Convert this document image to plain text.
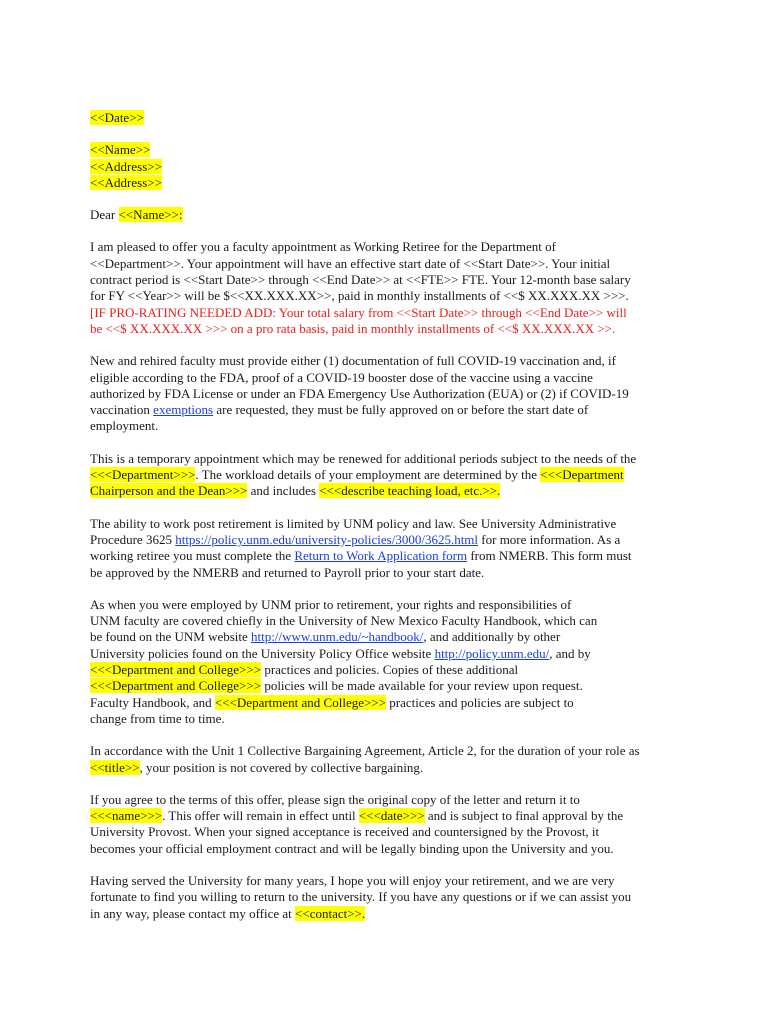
<<Date>>
<<Name>>
<<Address>>
<<Address>>
Dear <<Name>>:
I am pleased to offer you a faculty appointment as Working Retiree for the Department of
<<Department>>. Your appointment will have an effective start date of <<Start Date>>. Your initial
contract period is <<Start Date>> through <<End Date>> at <<FTE>> FTE. Your 12-month base salary
for FY <<Year>> will be $<<XX.XXX.XX>>, paid in monthly installments of <<$ XX.XXX.XX >>>.
[IF PRO-RATING NEEDED ADD: Your total salary from <<Start Date>> through <<End Date>> will
be <<$ XX.XXX.XX >>> on a pro rata basis, paid in monthly installments of <<$ XX.XXX.XX >>.
New and rehired faculty must provide either (1) documentation of full COVID-19 vaccination and, if
eligible according to the FDA, proof of a COVID-19 booster dose of the vaccine using a vaccine
authorized by FDA License or under an FDA Emergency Use Authorization (EUA) or (2) if COVID-19
vaccination exemptions are requested, they must be fully approved on or before the start date of
employment.
This is a temporary appointment which may be renewed for additional periods subject to the needs of the
<<<Department>>>. The workload details of your employment are determined by the <<<Department
Chairperson and the Dean>>> and includes <<<describe teaching load, etc.>>.
The ability to work post retirement is limited by UNM policy and law. See University Administrative
Procedure 3625 https://policy.unm.edu/university-policies/3000/3625.html for more information. As a
working retiree you must complete the Return to Work Application form from NMERB. This form must
be approved by the NMERB and returned to Payroll prior to your start date.
As when you were employed by UNM prior to retirement, your rights and responsibilities of
UNM faculty are covered chiefly in the University of New Mexico Faculty Handbook, which can
be found on the UNM website http://www.unm.edu/~handbook/, and additionally by other
University policies found on the University Policy Office website http://policy.unm.edu/, and by
<<<Department and College>>> practices and policies. Copies of these additional
<<<Department and College>>> policies will be made available for your review upon request.
Faculty Handbook, and <<<Department and College>>> practices and policies are subject to
change from time to time.
In accordance with the Unit 1 Collective Bargaining Agreement, Article 2, for the duration of your role as
<<title>>, your position is not covered by collective bargaining.
If you agree to the terms of this offer, please sign the original copy of the letter and return it to
<<<name>>>. This offer will remain in effect until <<<date>>> and is subject to final approval by the
University Provost. When your signed acceptance is received and countersigned by the Provost, it
becomes your official employment contract and will be legally binding upon the University and you.
Having served the University for many years, I hope you will enjoy your retirement, and we are very
fortunate to find you willing to return to the university. If you have any questions or if we can assist you
in any way, please contact my office at <<contact>>.
